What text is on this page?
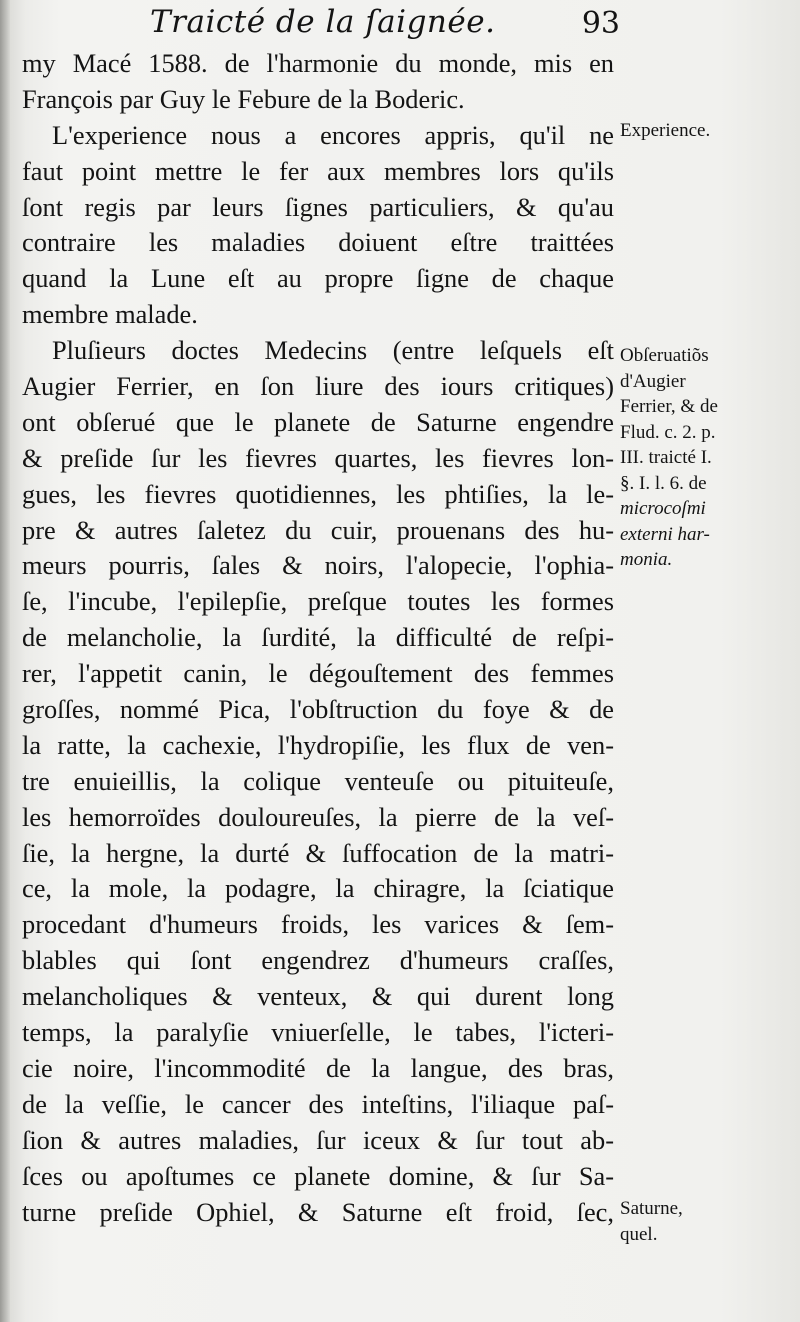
Traicté de la ſaignée.	93
my Macé 1588. de l'harmonie du monde, mis en
François par Guy le Febure de la Boderic.
L'experience nous a encores appris, qu'il ne
faut point mettre le fer aux membres lors qu'ils
ſont regis par leurs ſignes particuliers, & qu'au
contraire les maladies doiuent eſtre traittées
quand la Lune eſt au propre ſigne de chaque
membre malade.
Pluſieurs doctes Medecins (entre leſquels eſt
Augier Ferrier, en ſon liure des iours critiques)
ont obſerué que le planete de Saturne engendre
& preſide ſur les fievres quartes, les fievres lon-
gues, les fievres quotidiennes, les phtiſies, la le-
pre & autres ſaletez du cuir, prouenans des hu-
meurs pourris, ſales & noirs, l'alopecie, l'ophia-
ſe, l'incube, l'epilepſie, preſque toutes les formes
de melancholie, la ſurdité, la difficulté de reſpi-
rer, l'appetit canin, le dégouſtement des femmes
groſſes, nommé Pica, l'obſtruction du foye & de
la ratte, la cachexie, l'hydropiſie, les flux de ven-
tre enuieillis, la colique venteuſe ou pituiteuſe,
les hemorroïdes douloureuſes, la pierre de la veſ-
ſie, la hergne, la durté & ſuffocation de la matri-
ce, la mole, la podagre, la chiragre, la ſciatique
procedant d'humeurs froids, les varices & ſem-
blables qui ſont engendrez d'humeurs craſſes,
melancholiques & venteux, & qui durent long
temps, la paralyſie vniuerſelle, le tabes, l'icteri-
cie noire, l'incommodité de la langue, des bras,
de la veſſie, le cancer des inteſtins, l'iliaque paſ-
ſion & autres maladies, ſur iceux & ſur tout ab-
ſces ou apoſtumes ce planete domine, & ſur Sa-
turne preſide Ophiel, & Saturne eſt froid, ſec,
Experience.
Obſeruatiõs
d'Augier
Ferrier, & de
Flud. c. 2. p.
III. traicté I.
§. I. l. 6. de
microcoſmi
externi har-
monia.
Saturne,
quel.
